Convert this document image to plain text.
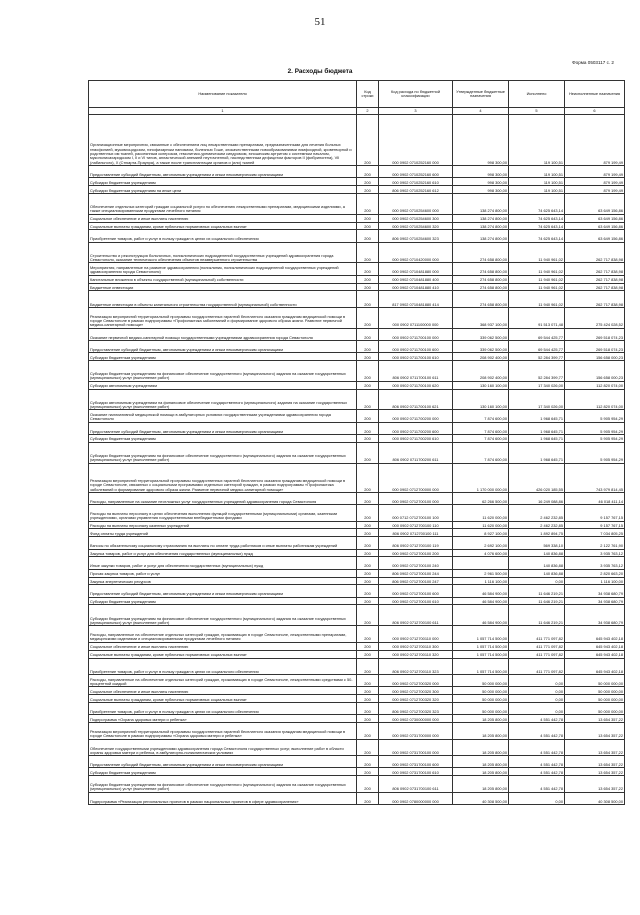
51
Форма 0503117 с. 2
2. Расходы бюджета
Наименование показателя	Код строки	Код расхода по бюджетной классификации	Утвержденные бюджетные назначения	Исполнено	Неисполненные назначения
1	2	3	4	5	6
Организационные мероприятия, связанные с обеспечением лиц лекарственными препаратами, предназначенными для лечения больных гемофилией, муковисцидозом, гипофизарным нанизмом, болезнью Гоше, злокачественными новообразованиями лимфоидной, кроветворной и родственных им тканей, рассеянным склерозом, гемолитико-уремическим синдромом, юношеским артритом с системным началом, мукополисахаридозом I, II и VI типов, апластической анемией неуточненной, наследственным дефицитом факторов II (фибриногена), VII (лабильного), X (Стюарта-Прауэра), а также после трансплантации органов и (или) тканей	200	000 0902 0710252160 000	998 300,00	119 100,51	879 199,49
Предоставление субсидий бюджетным, автономным учреждениям и иным некоммерческим организациям	200	000 0902 0710252160 600	998 300,00	119 100,51	879 199,49
Субсидии бюджетным учреждениям	200	000 0902 0710252160 610	998 300,00	119 100,51	879 199,49
Субсидии бюджетным учреждениям на иные цели	200	806 0902 0710252160 612	998 300,00	119 100,51	879 199,49
Обеспечение отдельных категорий граждан социальной услуги по обеспечению лекарственными препаратами, медицинскими изделиями, а также специализированными продуктами лечебного питания	200	000 0902 0710254600 000	138 274 800,00	74 625 643,14	63 649 156,86
Социальное обеспечение и иные выплаты населению	200	000 0902 0710254600 300	138 274 800,00	74 625 643,14	63 649 156,86
Социальные выплаты гражданам, кроме публичных нормативных социальных выплат	200	000 0902 0710254600 320	138 274 800,00	74 625 643,14	63 649 156,86
Приобретение товаров, работ и услуг в пользу граждан в целях их социального обеспечения	200	806 0902 0710254600 323	138 274 800,00	74 625 643,14	63 649 156,86
Строительство и реконструкция больничных, поликлинических подразделений государственных учреждений здравоохранения города Севастополя, оказание технического обеспечения объектов незавершенного строительства	200	000 0902 0710420000 000	274 658 800,00	11 940 961,02	262 717 838,98
Мероприятия, направленные на развитие здравоохранения (поликлиник, поликлинических подразделений государственных учреждений здравоохранения города Севастополя)	200	000 0902 0710481880 000	274 658 800,00	11 940 961,02	262 717 838,98
Капитальные вложения в объекты государственной (муниципальной) собственности	200	000 0902 0710481880 400	274 658 800,00	11 940 961,02	262 717 838,98
Бюджетные инвестиции	200	000 0902 0710481880 410	274 658 800,00	11 940 961,02	262 717 838,98
Бюджетные инвестиции в объекты капитального строительства государственной (муниципальной) собственности	200	817 0902 0710481880 414	274 658 800,00	11 940 961,02	262 717 838,98
Реализация мероприятий территориальной программы государственных гарантий бесплатного оказания гражданам медицинской помощи в городе Севастополе в рамках подпрограммы «Профилактика заболеваний и формирование здорового образа жизни. Развитие первичной медико-санитарной помощи»	200	000 0902 0711100000 000	368 937 100,00	91 513 071,48	275 424 028,52
Оказание первичной медико-санитарной помощи государственными учреждениями здравоохранения города Севастополя	200	000 0902 0711700100 000	339 062 500,00	69 544 425,77	269 518 074,23
Предоставление субсидий бюджетным, автономным учреждениям и иным некоммерческим организациям	200	000 0902 0711700100 600	339 062 500,00	69 544 425,77	269 518 074,23
Субсидии бюджетным учреждениям	200	000 0902 0711700100 610	208 902 400,00	52 284 399,77	156 658 000,23
Субсидии бюджетным учреждениям на финансовое обеспечение государственного (муниципального) задания на оказание государственных (муниципальных) услуг (выполнение работ)	200	806 0902 0711700100 611	208 902 400,00	52 284 399,77	156 658 000,23
Субсидии автономным учреждениям	200	000 0902 0711700100 620	130 160 100,00	17 340 026,00	112 820 074,00
Субсидии автономным учреждениям на финансовое обеспечение государственного (муниципального) задания на оказание государственных (муниципальных) услуг (выполнение работ)	200	806 0902 0711700100 621	130 160 100,00	17 340 026,00	112 820 074,00
Оказание паллиативной медицинской помощи в амбулаторных условиях государственными учреждениями здравоохранения города Севастополя	200	000 0902 0711700200 000	7 874 600,00	1 968 645,71	5 905 954,29
Предоставление субсидий бюджетным, автономным учреждениям и иным некоммерческим организациям	200	000 0902 0711700200 600	7 874 600,00	1 968 645,71	5 905 954,29
Субсидии бюджетным учреждениям	200	000 0902 0711700200 610	7 874 600,00	1 968 645,71	5 905 954,29
Субсидии бюджетным учреждениям на финансовое обеспечение государственного (муниципального) задания на оказание государственных (муниципальных) услуг (выполнение работ)	200	806 0902 0711700200 611	7 874 600,00	1 968 645,71	5 905 954,29
Реализация мероприятий территориальной программы государственных гарантий бесплатного оказания гражданам медицинской помощи в городе Севастополе, связанных с социальными программами отдельных категорий граждан, в рамках подпрограммы «Профилактика заболеваний и формирование здорового образа жизни. Развитие первичной медико-санитарной помощи»	200	000 0902 0712700000 000	1 170 000 000,00	426 020 185,55	743 979 814,45
Расходы, направленные на оказание неотложных услуг государственных учреждений здравоохранения города Севастополя	200	000 0902 0712700100 000	62 266 500,00	16 249 088,86	46 018 411,14
Расходы на выплаты персоналу в целях обеспечения выполнения функций государственными (муниципальными) органами, казенными учреждениями, органами управления государственными внебюджетными фондами	200	000 0712 0712700100 100	11 620 000,00	2 462 232,85	9 157 767,15
Расходы на выплаты персоналу казенных учреждений	200	000 0902 0712700100 110	11 620 000,00	2 462 232,85	9 157 767,15
Фонд оплаты труда учреждений	200	806 0902 0712700100 111	8 927 100,00	1 892 894,75	7 034 805,25
Взносы по обязательному социальному страхованию на выплаты по оплате труда работников и иные выплаты работникам учреждений	200	806 0902 0712700100 119	2 692 100,00	569 338,10	2 122 761,90
Закупка товаров, работ и услуг для обеспечения государственных (муниципальных) нужд	200	000 0902 0712700100 200	4 076 600,00	140 836,88	3 935 763,12
Иные закупки товаров, работ и услуг для обеспечения государственных (муниципальных) нужд	200	000 0902 0712700100 240		140 836,88	3 935 763,12
Прочая закупка товаров, работ и услуг	200	806 0902 0712700100 244	2 961 500,00	140 836,88	2 820 663,20
Закупка энергетических ресурсов	200	806 0902 0712700100 247	1 116 100,00	0,00	1 116 100,00
Предоставление субсидий бюджетным, автономным учреждениям и иным некоммерческим организациям	200	000 0902 0712700100 600	46 584 900,00	11 646 219,21	34 938 680,79
Субсидии бюджетным учреждениям	200	000 0902 0712700100 610	46 584 900,00	11 646 219,21	34 938 680,79
Субсидии бюджетным учреждениям на финансовое обеспечение государственного (муниципального) задания на оказание государственных (муниципальных) услуг (выполнение работ)	200	806 0902 0712700100 611	46 584 900,00	11 646 219,21	34 938 680,79
Расходы, направленные на обеспечение отдельных категорий граждан, проживающих в городе Севастополе, лекарственными препаратами, медицинскими изделиями и специализированными продуктами лечебного питания	200	000 0902 0712700110 000	1 057 714 500,00	411 771 097,82	645 943 402,18
Социальное обеспечение и иные выплаты населению	200	000 0902 0712700110 300	1 057 714 500,00	411 771 097,82	645 943 402,18
Социальные выплаты гражданам, кроме публичных нормативных социальных выплат	200	000 0902 0712700110 320	1 057 714 500,00	411 771 097,82	645 943 402,18
Приобретение товаров, работ и услуг в пользу граждан в целях их социального обеспечения	200	806 0902 0712700110 323	1 057 714 500,00	411 771 097,82	645 943 402,18
Расходы, направленные на обеспечение отдельных категорий граждан, проживающих в городе Севастополе, лекарственными средствами с 50-процентной скидкой	200	000 0902 0712700320 000	50 000 000,00	0,00	50 000 000,00
Социальное обеспечение и иные выплаты населению	200	000 0902 0712700320 300	50 000 000,00	0,00	50 000 000,00
Социальные выплаты гражданам, кроме публичных нормативных социальных выплат	200	000 0902 0712700320 320	50 000 000,00	0,00	50 000 000,00
Приобретение товаров, работ и услуг в пользу граждан в целях их социального обеспечения	200	806 0902 0712700320 323	50 000 000,00	0,00	50 000 000,00
Подпрограмма «Охрана здоровья матери и ребенка»	200	000 0902 0730000000 000	18 205 800,00	4 551 442,78	13 654 357,22
Реализация мероприятий территориальной программы государственных гарантий бесплатного оказания гражданам медицинской помощи в городе Севастополе в рамках подпрограммы «Охрана здоровья матери и ребенка»	200	000 0902 0731700000 000	18 205 800,00	4 551 442,78	13 654 357,22
Обеспечение государственными учреждениями здравоохранения города Севастополя государственных услуг, выполнение работ в области охраны здоровья матери и ребенка, в амбулаторно-поликлинических условиях	200	000 0902 0731700100 000	18 205 800,00	4 551 442,78	13 654 357,22
Предоставление субсидий бюджетным, автономным учреждениям и иным некоммерческим организациям	200	000 0902 0731700100 600	18 205 800,00	4 551 442,78	13 654 357,22
Субсидии бюджетным учреждениям	200	000 0902 0731700100 610	18 205 800,00	4 551 442,78	13 654 357,22
Субсидии бюджетным учреждениям на финансовое обеспечение государственного (муниципального) задания на оказание государственных (муниципальных) услуг (выполнение работ)	200	806 0902 0731700100 611	18 205 800,00	4 551 442,78	13 654 357,22
Подпрограмма «Реализация региональных проектов в рамках национальных проектов в сфере здравоохранения»	200	000 0902 0780000000 000	40 308 500,00	0,00	40 308 500,00
